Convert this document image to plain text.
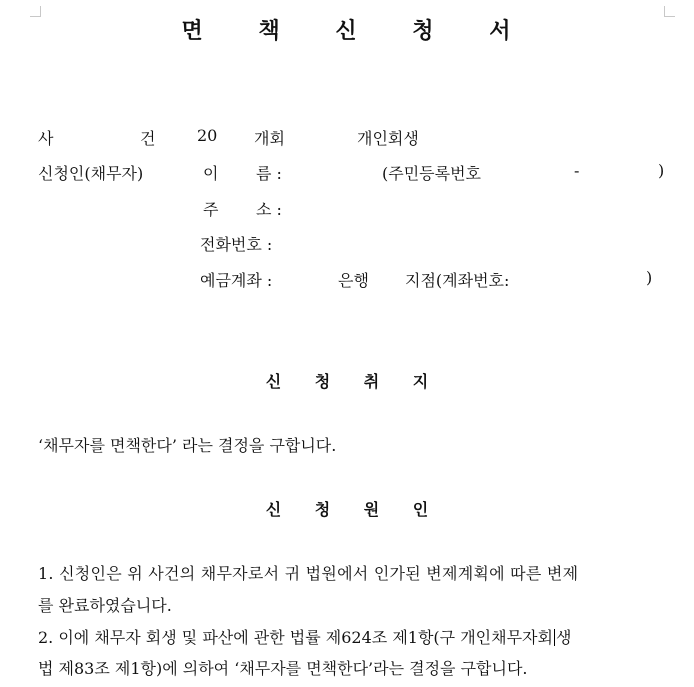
면 책 신 청 서
사	건	20 개회	개인회생
신청인(채무자)	이 름 :	(주민등록번호	-	)
주 소 :
전화번호 :
예금계좌 :	은행 지점(계좌번호:	)
신 청 취 지
‘채무자를 면책한다’ 라는 결정을 구합니다.
신 청 원 인
1. 신청인은 위 사건의 채무자로서 귀 법원에서 인가된 변제계획에 따른 변제
를 완료하였습니다.
2. 이에 채무자 회생 및 파산에 관한 법률 제624조 제1항(구 개인채무자회 생
법 제83조 제1항)에 의하여 ‘채무자를 면책한다’라는 결정을 구합니다.
